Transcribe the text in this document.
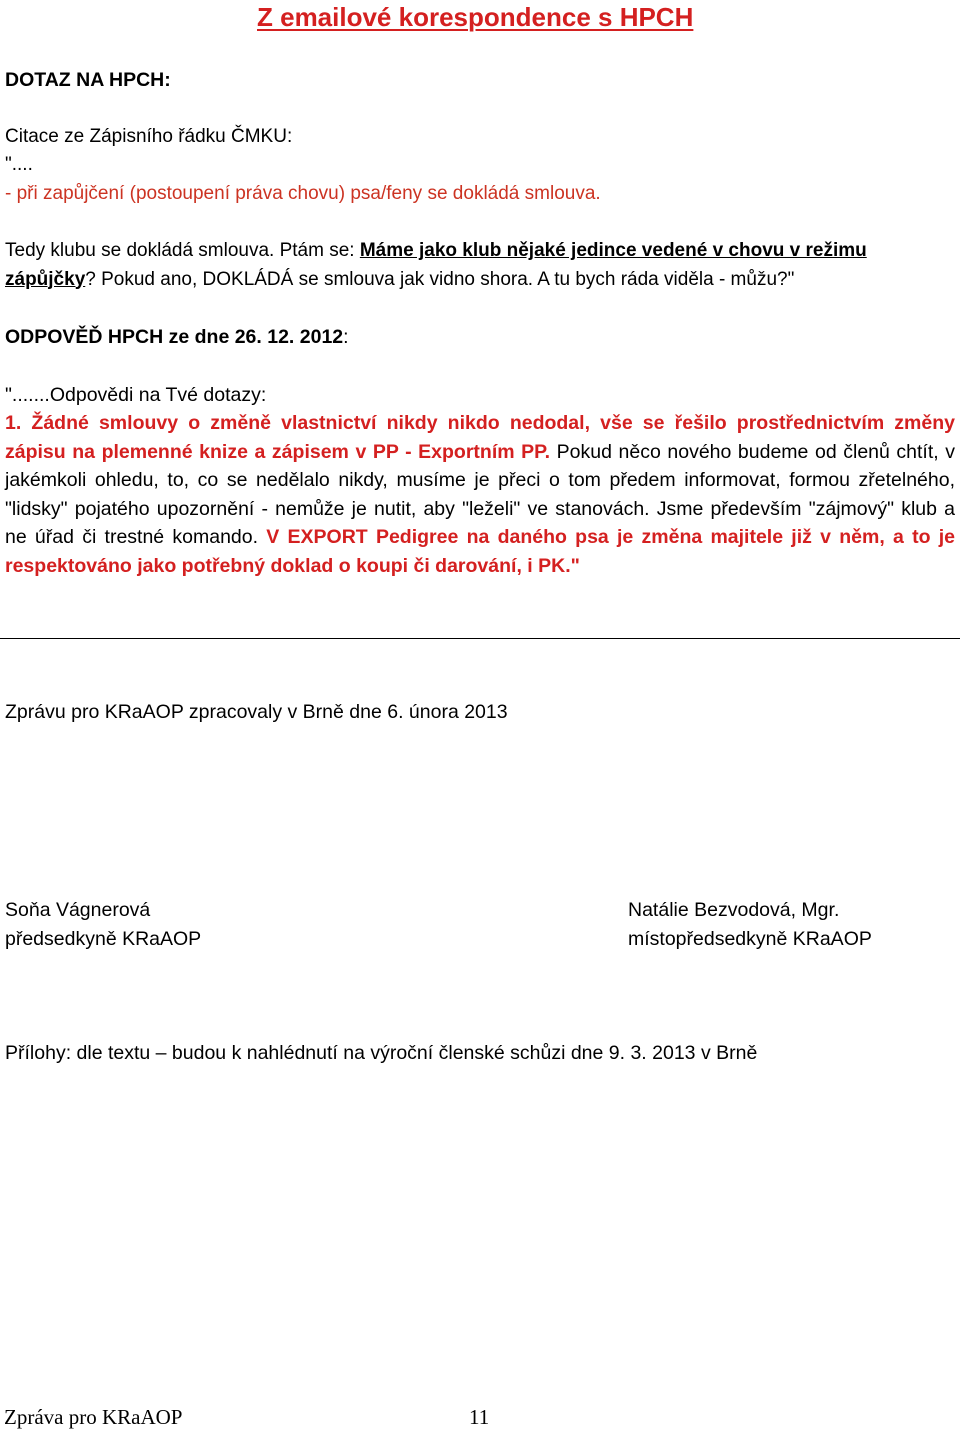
Z emailové korespondence s HPCH
DOTAZ NA HPCH:
Citace ze Zápisního řádku ČMKU:
"....
- při zapůjčení (postoupení práva chovu) psa/feny se dokládá smlouva.
Tedy klubu se dokládá smlouva. Ptám se: Máme jako klub nějaké jedince vedené v chovu v režimu zápůjčky? Pokud ano, DOKLÁDÁ se smlouva jak vidno shora. A tu bych ráda viděla - můžu?"
ODPOVĚĎ HPCH ze dne 26. 12. 2012:
".......Odpovědi na Tvé dotazy:
1. Žádné smlouvy o změně vlastnictví nikdy nikdo nedodal, vše se řešilo prostřednictvím změny zápisu na plemenné knize a zápisem v PP - Exportním PP. Pokud něco nového budeme od členů chtít, v jakémkoli ohledu, to, co se nedělalo nikdy, musíme je přeci o tom předem informovat, formou zřetelného, "lidsky" pojatého upozornění - nemůže je nutit, aby "leželi" ve stanovách. Jsme především "zájmový" klub a ne úřad či trestné komando. V EXPORT Pedigree na daného psa je změna majitele již v něm, a to je respektováno jako potřebný doklad o koupi či darování, i PK."
Zprávu pro KRaAOP zpracovaly v Brně dne 6. února 2013
Soňa Vágnerová
předsedkyně KRaAOP
Natálie Bezvodová, Mgr.
místopředsedkyně KRaAOP
Přílohy: dle textu – budou k nahlédnutí na výroční členské schůzi dne 9. 3. 2013 v Brně
Zpráva pro KRaAOP	11
